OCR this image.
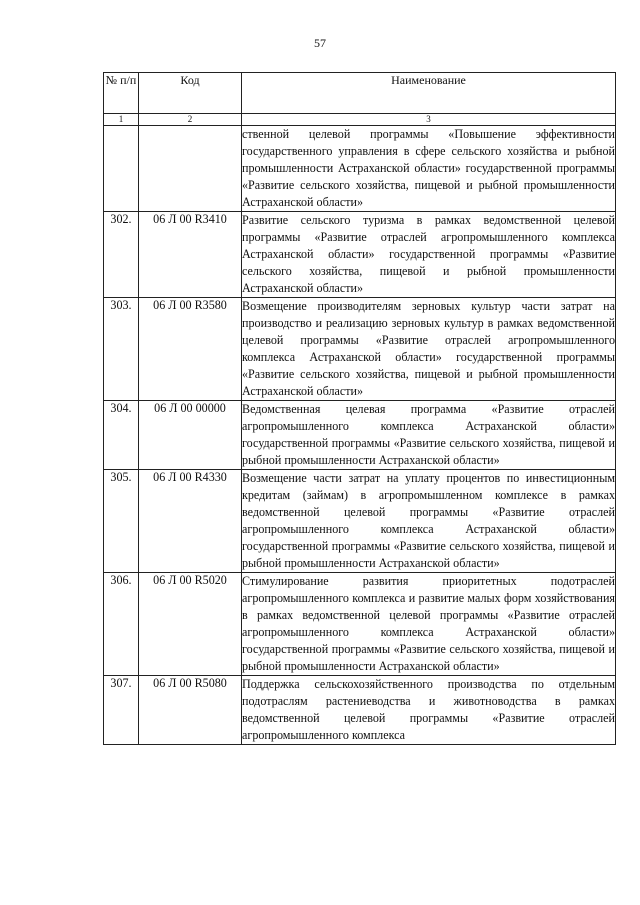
57
№ п/п	Код	Наименование
1	2	3
		ственной целевой программы «Повышение эффективности государственного управления в сфере сельского хозяйства и рыбной промышленности Астраханской области» государственной программы «Развитие сельского хозяйства, пищевой и рыбной промышленности Астраханской области»
302.	06 Л 00 R3410	Развитие сельского туризма в рамках ведомственной целевой программы «Развитие отраслей агропромышленного комплекса Астраханской области» государственной программы «Развитие сельского хозяйства, пищевой и рыбной промышленности Астраханской области»
303.	06 Л 00 R3580	Возмещение производителям зерновых культур части затрат на производство и реализацию зерновых культур в рамках ведомственной целевой программы «Развитие отраслей агропромышленного комплекса Астраханской области» государственной программы «Развитие сельского хозяйства, пищевой и рыбной промышленности Астраханской области»
304.	06 Л 00 00000	Ведомственная целевая программа «Развитие отраслей агропромышленного комплекса Астраханской области» государственной программы «Развитие сельского хозяйства, пищевой и рыбной промышленности Астраханской области»
305.	06 Л 00 R4330	Возмещение части затрат на уплату процентов по инвестиционным кредитам (займам) в агропромышленном комплексе в рамках ведомственной целевой программы «Развитие отраслей агропромышленного комплекса Астраханской области» государственной программы «Развитие сельского хозяйства, пищевой и рыбной промышленности Астраханской области»
306.	06 Л 00 R5020	Стимулирование развития приоритетных подотраслей агропромышленного комплекса и развитие малых форм хозяйствования в рамках ведомственной целевой программы «Развитие отраслей агропромышленного комплекса Астраханской области» государственной программы «Развитие сельского хозяйства, пищевой и рыбной промышленности Астраханской области»
307.	06 Л 00 R5080	Поддержка сельскохозяйственного производства по отдельным подотраслям растениеводства и животноводства в рамках ведомственной целевой программы «Развитие отраслей агропромышленного комплекса
